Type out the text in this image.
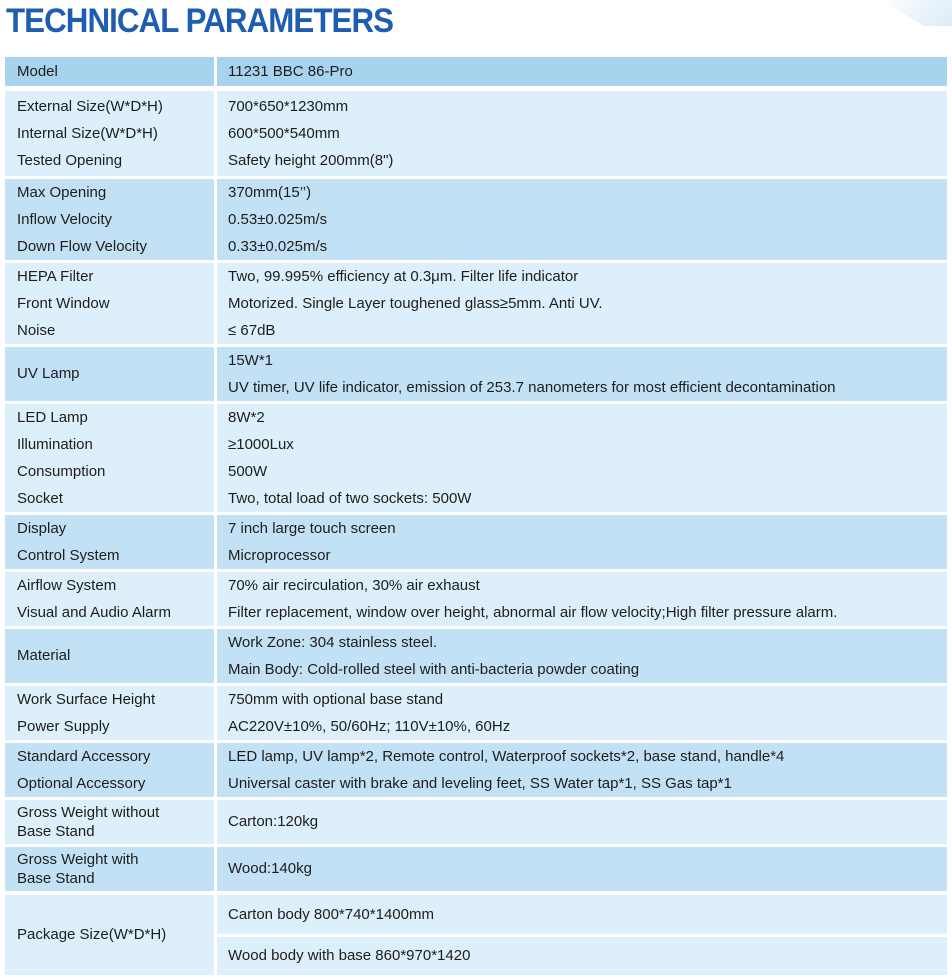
TECHNICAL PARAMETERS
Model	11231 BBC 86-Pro
External Size(W*D*H)
Internal Size(W*D*H)
Tested Opening
700*650*1230mm
600*500*540mm
Safety height 200mm(8")
Max Opening
Inflow Velocity
Down Flow Velocity
370mm(15’’)
0.53±0.025m/s
0.33±0.025m/s
HEPA Filter
Front Window
Noise
Two, 99.995% efficiency at 0.3μm. Filter life indicator
Motorized. Single Layer toughened glass≥5mm. Anti UV.
≤ 67dB
UV Lamp
15W*1
UV timer, UV life indicator, emission of 253.7 nanometers for most efficient decontamination
LED Lamp
Illumination
Consumption
Socket
8W*2
≥1000Lux
500W
Two, total load of two sockets: 500W
Display
Control System
7 inch large touch screen
Microprocessor
Airflow System
Visual and Audio Alarm
70% air recirculation, 30% air exhaust
Filter replacement, window over height, abnormal air flow velocity;High filter pressure alarm.
Material
Work Zone: 304 stainless steel.
Main Body: Cold-rolled steel with anti-bacteria powder coating
Work Surface Height
Power Supply
750mm with optional base stand
AC220V±10%, 50/60Hz; 110V±10%, 60Hz
Standard Accessory
Optional Accessory
LED lamp, UV lamp*2, Remote control, Waterproof sockets*2, base stand, handle*4
Universal caster with brake and leveling feet, SS Water tap*1, SS Gas tap*1
Gross Weight without
Base Stand
Carton:120kg
Gross Weight with
Base Stand
Wood:140kg
Package Size(W*D*H)
Carton body 800*740*1400mm
Wood body with base 860*970*1420
